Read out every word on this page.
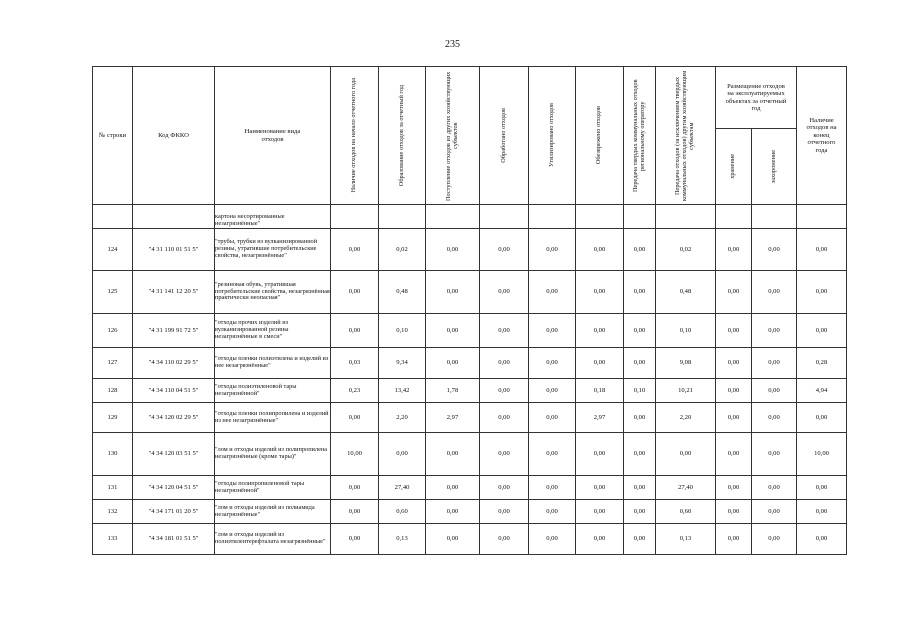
235
№ строки	Код ФККО	Наименование вида отходов	Наличие отходов на начало отчетного года	Образование отходов за отчетный год	Поступление отходов из других хозяйствующих субъектов	Обработано отходов	Утилизировано отходов	Обезврежено отходов	Передача твердых коммунальных отходов региональному оператору	Передача отходов (за исключением твердых коммунальных отходов) другим хозяйствующим субъектам	Размещение отходов на эксплуатируемых объектах за отчетный год		Наличие отходов на конец отчетного года

											хранение	захоронение	

		картона несортированные незагрязнённые"											
124	"4 31 110 01 51 5"	"трубы, трубки из вулканизированной резины, утратившие потребительские свойства, незагрязнённые"	0,00	0,02	0,00	0,00	0,00	0,00	0,00	0,02	0,00	0,00	0,00
125	"4 31 141 12 20 5"	"резиновая обувь, утратившая потребительские свойства, незагрязнённая практически неопасная"	0,00	0,48	0,00	0,00	0,00	0,00	0,00	0,48	0,00	0,00	0,00
126	"4 31 199 91 72 5"	"отходы прочих изделий из вулканизированной резины незагрязнённые в смеси"	0,00	0,10	0,00	0,00	0,00	0,00	0,00	0,10	0,00	0,00	0,00
127	"4 34 110 02 29 5"	"отходы пленки полиэтилена и изделий из нее незагрязнённые"	0,03	9,34	0,00	0,00	0,00	0,00	0,00	9,08	0,00	0,00	0,28
128	"4 34 110 04 51 5"	"отходы полиэтиленовой тары незагрязнённой"	0,23	13,42	1,78	0,00	0,00	0,18	0,10	10,21	0,00	0,00	4,94
129	"4 34 120 02 29 5"	"отходы пленки полипропилена и изделий из нее незагрязнённые"	0,00	2,20	2,97	0,00	0,00	2,97	0,00	2,20	0,00	0,00	0,00
130	"4 34 120 03 51 5"	"лом и отходы изделий из полипропилена незагрязнённые (кроме тары)"	10,00	0,00	0,00	0,00	0,00	0,00	0,00	0,00	0,00	0,00	10,00
131	"4 34 120 04 51 5"	"отходы полипропиленовой тары незагрязнённой"	0,00	27,40	0,00	0,00	0,00	0,00	0,00	27,40	0,00	0,00	0,00
132	"4 34 171 01 20 5"	"лом и отходы изделий из полиамида незагрязнённые"	0,00	0,60	0,00	0,00	0,00	0,00	0,00	0,60	0,00	0,00	0,00
133	"4 34 181 01 51 5"	"лом и отходы изделий из полиэтилентерефталата незагрязнённые"	0,00	0,13	0,00	0,00	0,00	0,00	0,00	0,13	0,00	0,00	0,00
